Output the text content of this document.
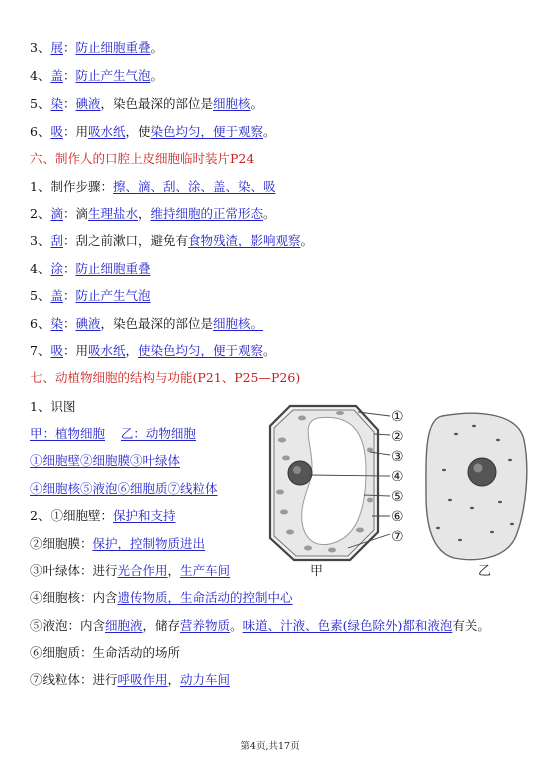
3、展：防止细胞重叠。
4、盖：防止产生气泡。
5、染：碘液，染色最深的部位是细胞核。
6、吸：用吸水纸，使染色均匀，便于观察。
六、制作人的口腔上皮细胞临时装片P24
1、制作步骤：擦、滴、刮、涂、盖、染、吸
2、滴：滴生理盐水，维持细胞的正常形态。
3、刮：刮之前漱口，避免有食物残渣，影响观察。
4、涂：防止细胞重叠
5、盖：防止产生气泡
6、染：碘液，染色最深的部位是细胞核。
7、吸：用吸水纸，使染色均匀，便于观察。
七、动植物细胞的结构与功能(P21、P25—P26)
1、识图
甲：植物细胞 乙：动物细胞
①细胞壁②细胞膜③叶绿体
④细胞核⑤液泡⑥细胞质⑦线粒体
2、①细胞壁：保护和支持
②细胞膜：保护，控制物质进出
③叶绿体：进行光合作用，生产车间
④细胞核：内含遗传物质，生命活动的控制中心
⑤液泡：内含细胞液，储存营养物质。味道、汁液、色素(绿色除外)都和液泡有关。
⑥细胞质：生命活动的场所
⑦线粒体：进行呼吸作用，动力车间
①
②
③
④
⑤
⑥
⑦
甲	乙
第4页,共17页
